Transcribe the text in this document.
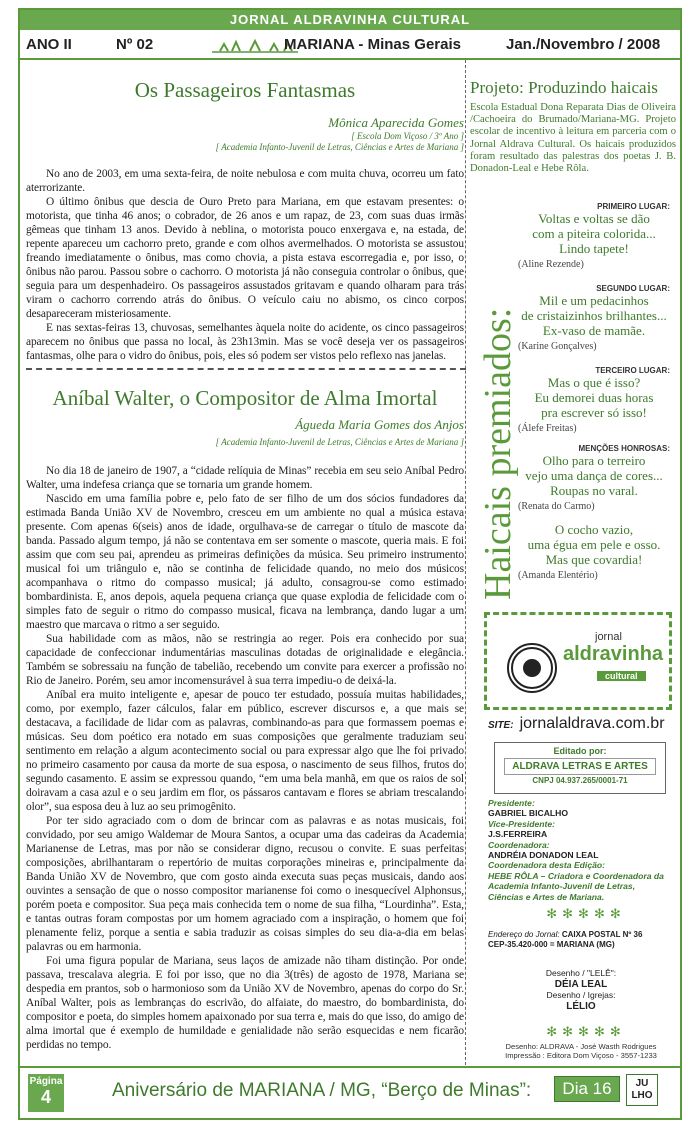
JORNAL ALDRAVINHA CULTURAL
ANO II	Nº 02	MARIANA - Minas Gerais	Jan./Novembro / 2008
Os Passageiros Fantasmas
Mônica Aparecida Gomes
[ Escola Dom Viçoso / 3º Ano ]
[ Academia Infanto-Juvenil de Letras, Ciências e Artes de Mariana ]

No ano de 2003, em uma sexta-feira, de noite nebulosa e com muita chuva, ocorreu um fato aterrorizante.

O último ônibus que descia de Ouro Preto para Mariana, em que estavam presentes: o motorista, que tinha 46 anos; o cobrador, de 26 anos e um rapaz, de 23, com suas duas irmãs gêmeas que tinham 13 anos. Devido à neblina, o motorista pouco enxergava e, na estada, de repente apareceu um cachorro preto, grande e com olhos avermelhados. O motorista se assustou freando imediatamente o ônibus, mas como chovia, a pista estava escorregadia e, por isso, o ônibus não parou. Passou sobre o cachorro. O motorista já não conseguia controlar o ônibus, que seguia para um despenhadeiro. Os passageiros assustados gritavam e quando olharam para trás viram o cachorro correndo atrás do ônibus. O veículo caiu no abismo, os cinco corpos desapareceram misteriosamente.

E nas sextas-feiras 13, chuvosas, semelhantes àquela noite do acidente, os cinco passageiros aparecem no ônibus que passa no local, às 23h13min. Mas se você deseja ver os passageiros fantasmas, olhe para o vidro do ônibus, pois, eles só podem ser vistos pelo reflexo nas janelas.

Aníbal Walter, o Compositor de Alma Imortal
Águeda Maria Gomes dos Anjos
[ Academia Infanto-Juvenil de Letras, Ciências e Artes de Mariana ]

No dia 18 de janeiro de 1907, a “cidade relíquia de Minas” recebia em seu seio Aníbal Pedro Walter, uma indefesa criança que se tornaria um grande homem.

Nascido em uma família pobre e, pelo fato de ser filho de um dos sócios fundadores da estimada Banda União XV de Novembro, cresceu em um ambiente no qual a música estava presente. Com apenas 6(seis) anos de idade, orgulhava-se de carregar o título de mascote da banda. Passado algum tempo, já não se contentava em ser somente o mascote, queria mais. E foi assim que com seu pai, aprendeu as primeiras definições da música. Seu primeiro instrumento musical foi um triângulo e, não se continha de felicidade quando, no meio dos músicos acompanhava o ritmo do compasso musical; já adulto, consagrou-se como estimado bombardinista. E, anos depois, aquela pequena criança que quase explodia de felicidade com o simples fato de seguir o ritmo do compasso musical, ficava na lembrança, dando lugar a um maestro que marcava o ritmo a ser seguido.

Sua habilidade com as mãos, não se restringia ao reger. Pois era conhecido por sua capacidade de confeccionar indumentárias masculinas dotadas de originalidade e elegância. Também se sobressaiu na função de tabelião, recebendo um convite para exercer a profissão no Rio de Janeiro. Porém, seu amor incomensurável à sua terra impediu-o de deixá-la.

Aníbal era muito inteligente e, apesar de pouco ter estudado, possuía muitas habilidades, como, por exemplo, fazer cálculos, falar em público, escrever discursos e, a que mais se destacava, a facilidade de lidar com as palavras, combinando-as para que formassem poemas e músicas. Seu dom poético era notado em suas composições que geralmente traduziam seu sentimento em relação a algum acontecimento social ou para expressar algo que lhe foi privado no primeiro casamento por causa da morte de sua esposa, o nascimento de seus filhos, frutos do segundo casamento. E assim se expressou quando, “em uma bela manhã, em que os raios de sol doiravam a casa azul e o seu jardim em flor, os pássaros cantavam e flores se abriam trescalando olor”, sua esposa deu à luz ao seu primogênito.

Por ter sido agraciado com o dom de brincar com as palavras e as notas musicais, foi convidado, por seu amigo Waldemar de Moura Santos, a ocupar uma das cadeiras da Academia Marianense de Letras, mas por não se considerar digno, recusou o convite. E suas perfeitas composições, abrilhantaram o repertório de muitas corporações mineiras e, principalmente da Banda União XV de Novembro, que com gosto ainda executa suas peças musicais, dando aos ouvintes a sensação de que o nosso compositor marianense foi como o inesquecível Alphonsus, porém poeta e compositor. Sua peça mais conhecida tem o nome de sua filha, “Lourdinha”. Esta, e tantas outras foram compostas por um homem agraciado com a inspiração, o homem que foi plenamente feliz, porque a sentia e sabia traduzir as coisas simples do seu dia-a-dia em belas palavras ou em harmonia.

Foi uma figura popular de Mariana, seus laços de amizade não tiham distinção. Por onde passava, trescalava alegria. E foi por isso, que no dia 3(três) de agosto de 1978, Mariana se despedia em prantos, sob o harmonioso som da União XV de Novembro, apenas do corpo do Sr. Aníbal Walter, pois as lembranças do escrivão, do alfaiate, do maestro, do bombardinista, do compositor e poeta, do simples homem apaixonado por sua terra e, mais do que isso, do amigo de alma imortal que é exemplo de humildade e genialidade não serão esquecidas e nem ficarão perdidas no tempo.

Projeto: Produzindo haicais
Escola Estadual Dona Reparata Dias de Oliveira /Cachoeira do Brumado/Mariana-MG. Projeto escolar de incentivo à leitura em parceria com o Jornal Aldrava Cultural. Os haicais produzidos foram resultado das palestras dos poetas J. B. Donadon-Leal e Hebe Rôla.
Haicais premiados:
PRIMEIRO LUGAR:
Voltas e voltas se dão
com a piteira colorida...
Lindo tapete!
(Aline Rezende)
SEGUNDO LUGAR:
Mil e um pedacinhos
de cristaizinhos brilhantes...
Ex-vaso de mamãe.
(Karine Gonçalves)
TERCEIRO LUGAR:
Mas o que é isso?
Eu demorei duas horas
pra escrever só isso!
(Álefe Freitas)
MENÇÕES HONROSAS:
Olho para o terreiro
vejo uma dança de cores...
Roupas no varal.
(Renata do Carmo)
O cocho vazio,
uma égua em pele e osso.
Mas que covardia!
(Amanda Elentério)
jornal
aldravinha
cultural
SITE: jornalaldrava.com.br
Editado por:
ALDRAVA LETRAS E ARTES
CNPJ 04.937.265/0001-71
Presidente:
GABRIEL BICALHO
Vice-Presidente:
J.S.FERREIRA
Coordenadora:
ANDRÉIA DONADON LEAL
Coordenadora desta Edição:
HEBE RÔLA – Criadora e Coordenadora da Academia Infanto-Juvenil de Letras, Ciências e Artes de Mariana.
✻✻✻✻✻
Endereço do Jornal: CAIXA POSTAL Nº 36
CEP-35.420-000 = MARIANA (MG)
Desenho / "LELÊ":
DÉIA LEAL
Desenho / Igrejas:
LÉLIO
✻✻✻✻✻
Desenho: ALDRAVA - José Wasth Rodrigues
Impressão : Editora Dom Viçoso - 3557-1233
Página
4	Aniversário de MARIANA / MG, “Berço de Minas”:	Dia 16	JU
LHO
